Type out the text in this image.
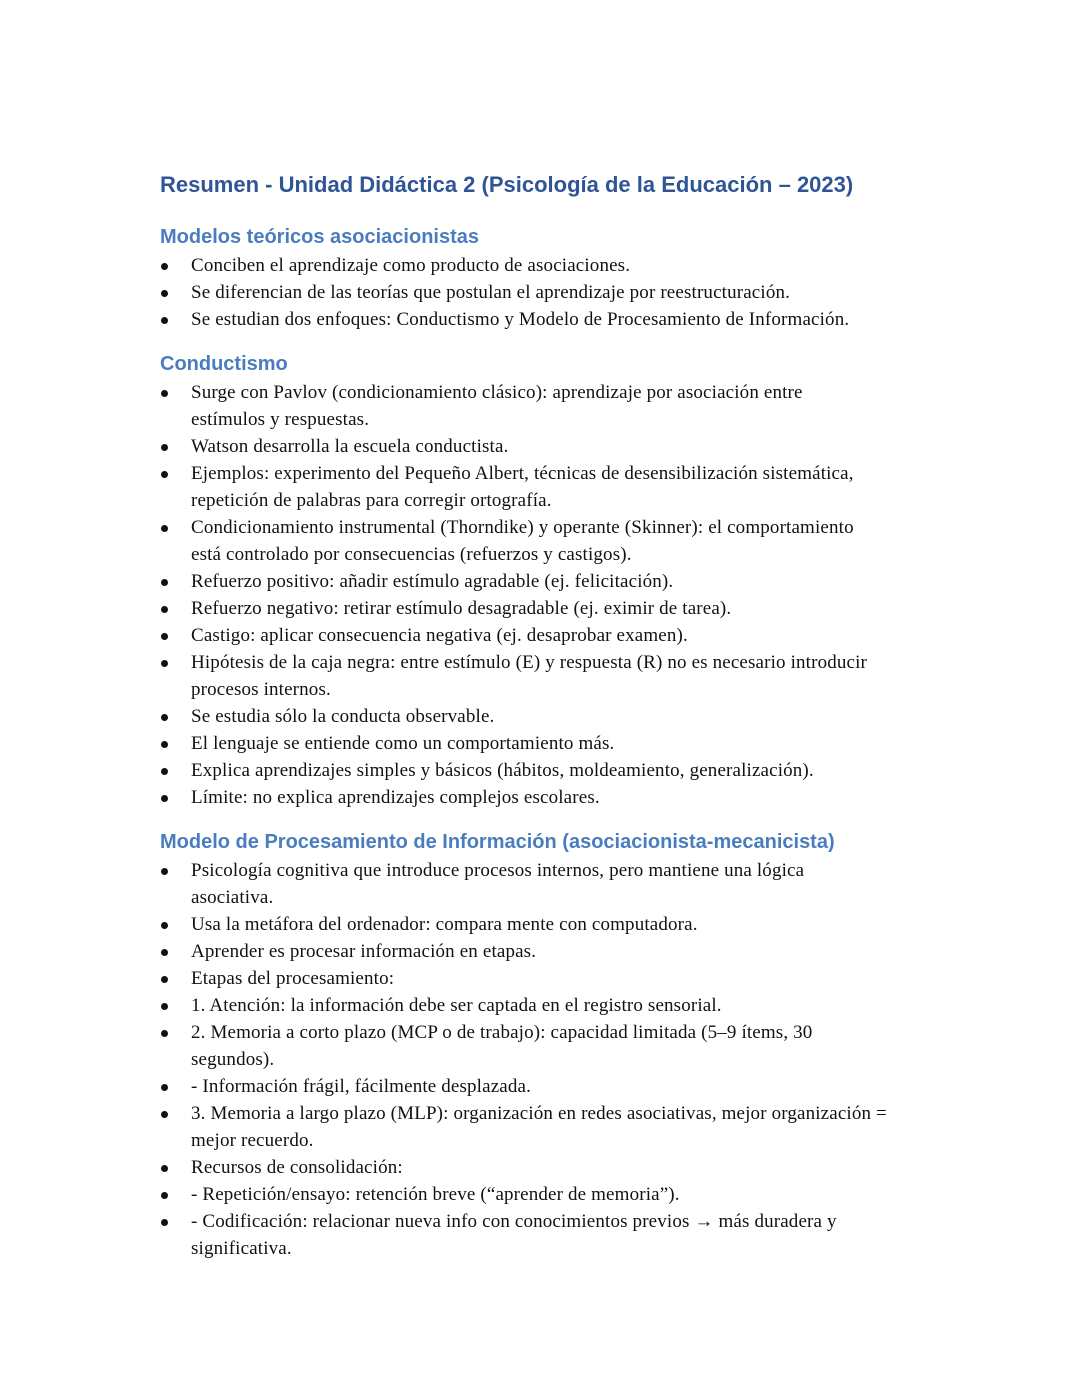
Resumen - Unidad Didáctica 2 (Psicología de la Educación – 2023)
Modelos teóricos asociacionistas
Conciben el aprendizaje como producto de asociaciones.
Se diferencian de las teorías que postulan el aprendizaje por reestructuración.
Se estudian dos enfoques: Conductismo y Modelo de Procesamiento de Información.
Conductismo
Surge con Pavlov (condicionamiento clásico): aprendizaje por asociación entre
estímulos y respuestas.
Watson desarrolla la escuela conductista.
Ejemplos: experimento del Pequeño Albert, técnicas de desensibilización sistemática,
repetición de palabras para corregir ortografía.
Condicionamiento instrumental (Thorndike) y operante (Skinner): el comportamiento
está controlado por consecuencias (refuerzos y castigos).
Refuerzo positivo: añadir estímulo agradable (ej. felicitación).
Refuerzo negativo: retirar estímulo desagradable (ej. eximir de tarea).
Castigo: aplicar consecuencia negativa (ej. desaprobar examen).
Hipótesis de la caja negra: entre estímulo (E) y respuesta (R) no es necesario introducir
procesos internos.
Se estudia sólo la conducta observable.
El lenguaje se entiende como un comportamiento más.
Explica aprendizajes simples y básicos (hábitos, moldeamiento, generalización).
Límite: no explica aprendizajes complejos escolares.
Modelo de Procesamiento de Información (asociacionista-mecanicista)
Psicología cognitiva que introduce procesos internos, pero mantiene una lógica
asociativa.
Usa la metáfora del ordenador: compara mente con computadora.
Aprender es procesar información en etapas.
Etapas del procesamiento:
1. Atención: la información debe ser captada en el registro sensorial.
2. Memoria a corto plazo (MCP o de trabajo): capacidad limitada (5–9 ítems, 30
segundos).
- Información frágil, fácilmente desplazada.
3. Memoria a largo plazo (MLP): organización en redes asociativas, mejor organización =
mejor recuerdo.
Recursos de consolidación:
- Repetición/ensayo: retención breve (“aprender de memoria”).
- Codificación: relacionar nueva info con conocimientos previos → más duradera y
significativa.
